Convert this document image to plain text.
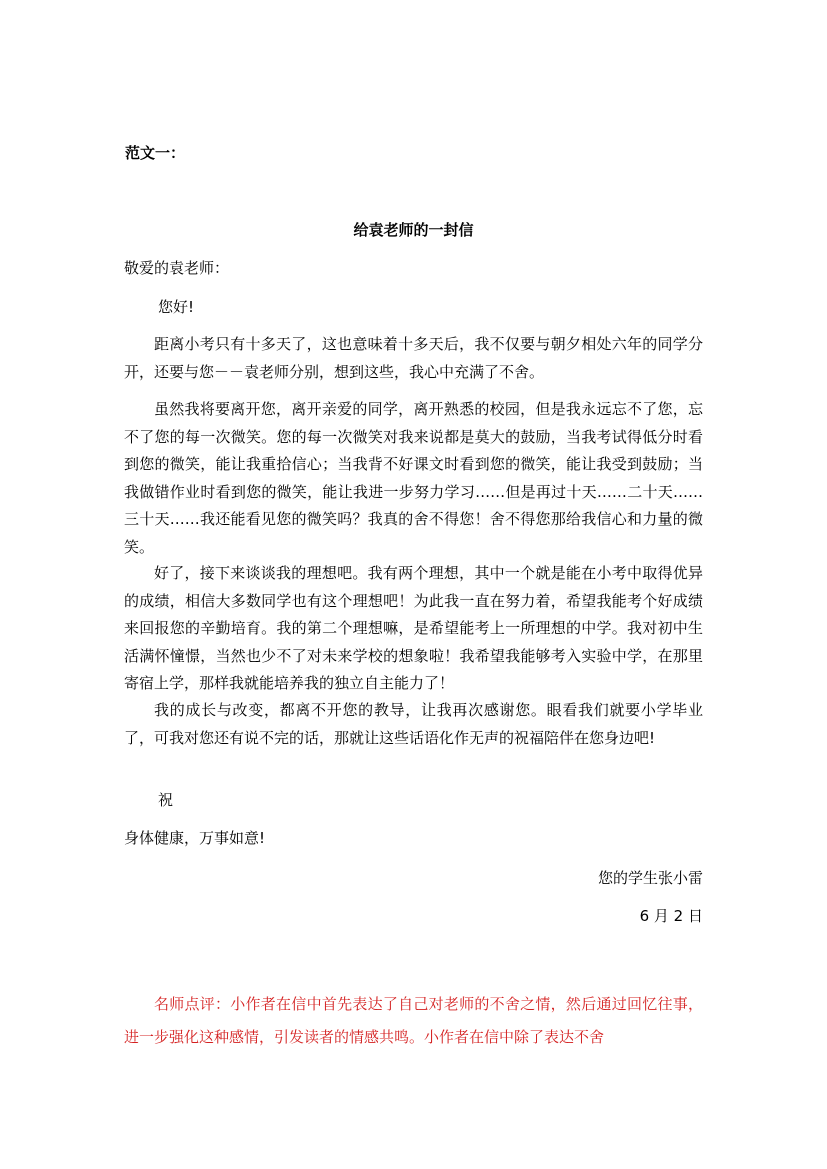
范文一：
给袁老师的一封信
敬爱的袁老师：
您好!

距离小考只有十多天了，这也意味着十多天后，我不仅要与朝夕相处六年的同学分开，还要与您－－袁老师分别，想到这些，我心中充满了不舍。

虽然我将要离开您，离开亲爱的同学，离开熟悉的校园，但是我永远忘不了您，忘不了您的每一次微笑。您的每一次微笑对我来说都是莫大的鼓励，当我考试得低分时看到您的微笑，能让我重拾信心；当我背不好课文时看到您的微笑，能让我受到鼓励；当我做错作业时看到您的微笑，能让我进一步努力学习……但是再过十天……二十天……三十天……我还能看见您的微笑吗？我真的舍不得您！舍不得您那给我信心和力量的微笑。

好了，接下来谈谈我的理想吧。我有两个理想，其中一个就是能在小考中取得优异的成绩，相信大多数同学也有这个理想吧！为此我一直在努力着，希望我能考个好成绩来回报您的辛勤培育。我的第二个理想嘛，是希望能考上一所理想的中学。我对初中生活满怀憧憬，当然也少不了对未来学校的想象啦！我希望我能够考入实验中学，在那里寄宿上学，那样我就能培养我的独立自主能力了！

我的成长与改变，都离不开您的教导，让我再次感谢您。眼看我们就要小学毕业了，可我对您还有说不完的话，那就让这些话语化作无声的祝福陪伴在您身边吧!

祝
身体健康，万事如意!
您的学生张小雷
6 月 2 日

名师点评：小作者在信中首先表达了自己对老师的不舍之情，然后通过回忆往事，进一步强化这种感情，引发读者的情感共鸣。小作者在信中除了表达不舍
